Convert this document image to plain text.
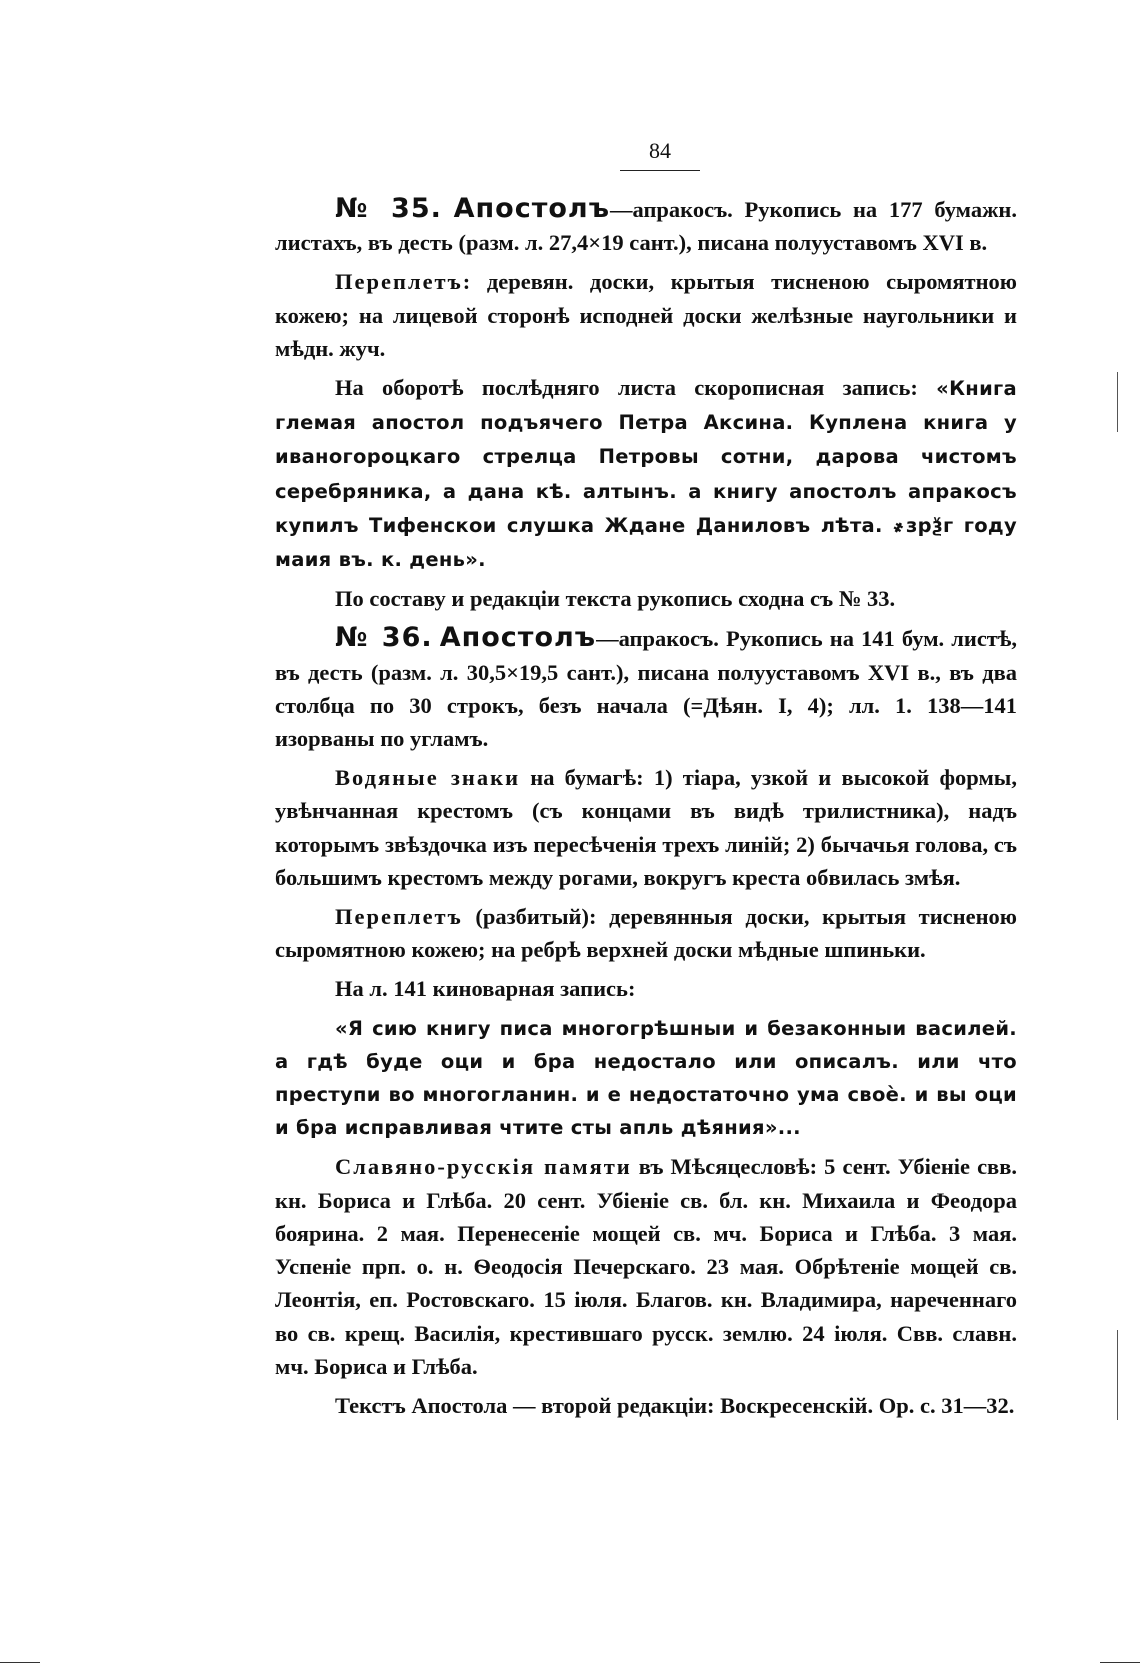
84

№ 35. Апостолъ—апракосъ. Рукопись на 177 бумажн. листахъ, въ десть (разм. л. 27,4×19 сант.), писана полууставомъ XVI в.

Переплетъ: деревян. доски, крытыя тисненою сыромятною кожею; на лицевой сторонѣ исподней доски желѣзные наугольники и мѣдн. жуч.

На оборотѣ послѣдняго листа скорописная запись: «Книга глемая апостол подъячего Петра Аксина. Куплена книга у иваногороцкаго стрелца Петровы сотни, дарова чистомъ серебряника, а дана кѣ. алтынъ. а книгу апостолъ апракосъ купилъ Тифенскои слушка Ждане Даниловъ лѣта. ҂зрѯг году маия въ. к. день».

По составу и редакціи текста рукопись сходна съ № 33.

№ 36. Апостолъ—апракосъ. Рукопись на 141 бум. листѣ, въ десть (разм. л. 30,5×19,5 сант.), писана полууставомъ XVI в., въ два столбца по 30 строкъ, безъ начала (=Дѣян. I, 4); лл. 1. 138—141 изорваны по угламъ.

Водяные знаки на бумагѣ: 1) тіара, узкой и высокой формы, увѣнчанная крестомъ (съ концами въ видѣ трилистника), надъ которымъ звѣздочка изъ пересѣченія трехъ линій; 2) бычачья голова, съ большимъ крестомъ между рогами, вокругъ креста обвилась змѣя.

Переплетъ (разбитый): деревянныя доски, крытыя тисненою сыромятною кожею; на ребрѣ верхней доски мѣдные шпиньки.

На л. 141 киноварная запись:

«Я сию книгу писа многогрѣшныи и безаконныи василей. а гдѣ буде оци и бра недостало или описалъ. или что преступи во многогланин. и е недостаточно ума своѐ. и вы оци и бра исправливая чтите сты апль дѣяния»...

Славяно-русскія памяти въ Мѣсяцесловѣ: 5 сент. Убіеніе свв. кн. Бориса и Глѣба. 20 сент. Убіеніе св. бл. кн. Михаила и Феодора боярина. 2 мая. Перенесеніе мощей св. мч. Бориса и Глѣба. 3 мая. Успеніе прп. о. н. Ѳеодосія Печерскаго. 23 мая. Обрѣтеніе мощей св. Леонтія, еп. Ростовскаго. 15 іюля. Благов. кн. Владимира, нареченнаго во св. крещ. Василія, крестившаго русск. землю. 24 іюля. Свв. славн. мч. Бориса и Глѣба.

Текстъ Апостола — второй редакціи: Воскресенскій. Ор. с. 31—32.
